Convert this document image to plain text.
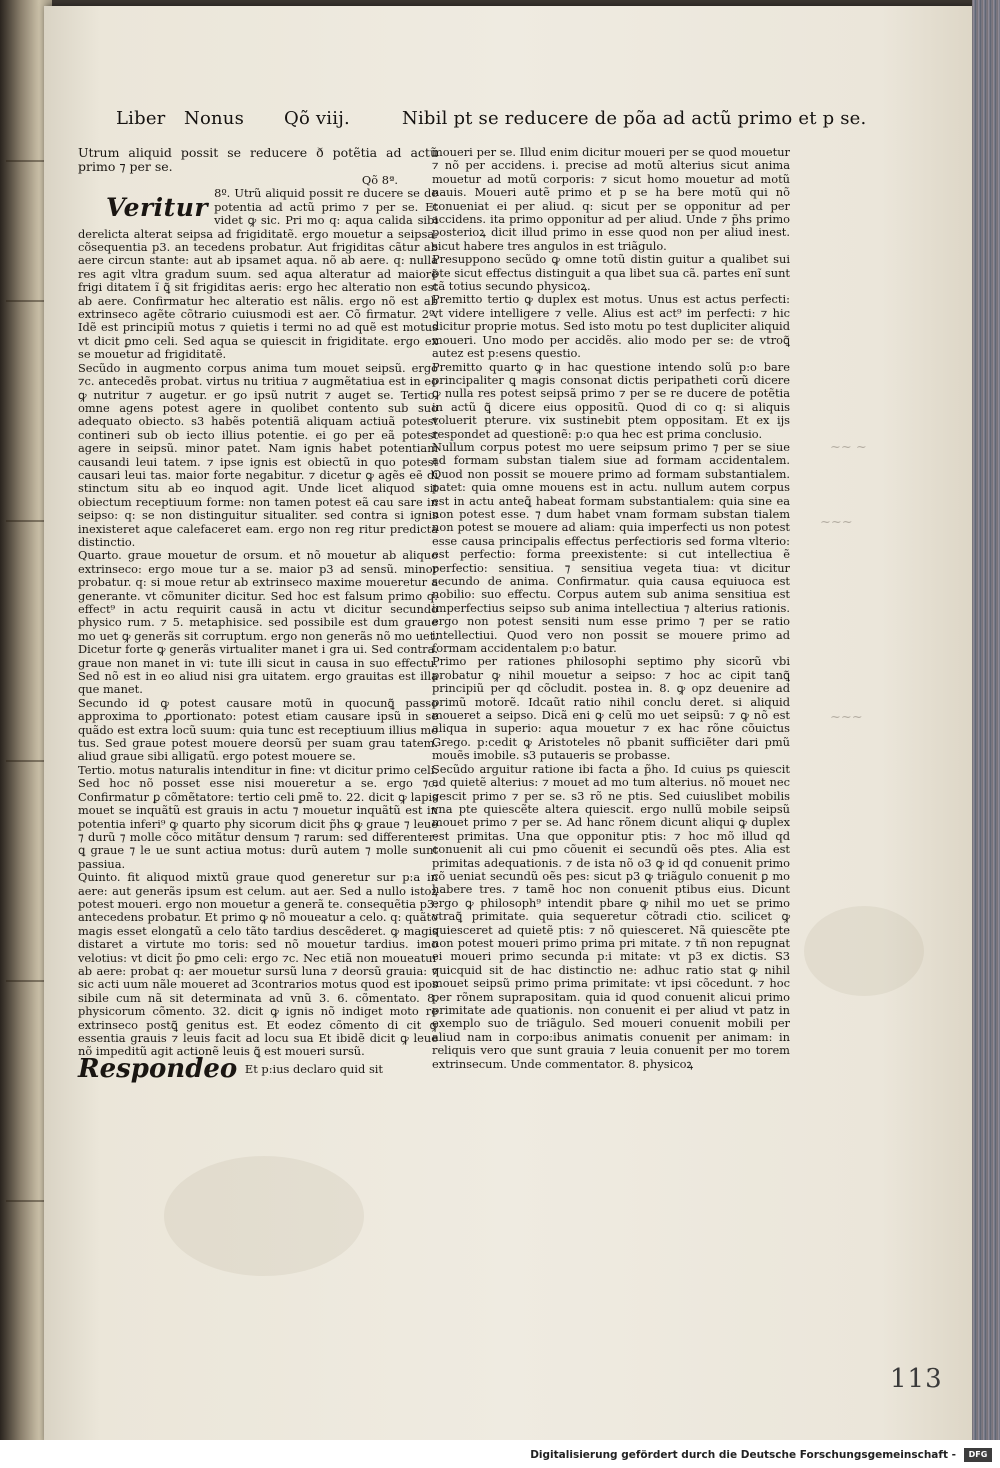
Liber Nonus Qõ viij.	Nibil pt se reducere de põa ad actũ primo et p se.

Utrum aliquid possit se reducere ð potẽtia ad actũ primo ⁊ per se.

Qõ 8ª.

Veritur 8º. Utrũ aliquid possit re ducere se de potentia ad actũ primo ⁊ per se. Et videt ꝙ sic. Pri mo q: aqua calida sibi derelicta alterat seipsa ad frigiditatẽ. ergo mouetur a seipsa: cõsequentia p3. an tecedens probatur. Aut frigiditas cãtur ab aere circun stante: aut ab ipsamet aqua. nõ ab aere. q: nulla res agit vltra gradum suum. sed aqua alteratur ad maiorẽ frigi ditatem ĩ ꝗ̃ sit frigiditas aeris: ergo hec alteratio non est ab aere. Confirmatur hec alteratio est nãlis. ergo nõ est ab extrinseco agẽte cõtrario cuiusmodi est aer. Cõ firmatur. 2º. Idẽ est principiũ motus ⁊ quietis i termi no ad quẽ est motus vt dicit ꝑmo celi. Sed aqua se quiescit in frigiditate. ergo ex se mouetur ad frigiditatẽ.

Secũdo in augmento corpus anima tum mouet seipsũ. ergo ⁊c. antecedẽs probat. virtus nu tritiua ⁊ augmẽtatiua est in eo ꝙ nutritur ⁊ augetur. er go ipsũ nutrit ⁊ auget se. Tertio. omne agens potest agere in quolibet contento sub suo adequato obiecto. s3 habẽs potentiã aliquam actiuã potest contineri sub ob iecto illius potentie. ei go per eã potest agere in seipsũ. minor patet. Nam ignis habet potentiam causandi leui tatem. ⁊ ipse ignis est obiectũ in quo potest causari leui tas. maior forte negabitur. ⁊ dicetur ꝙ agẽs eẽ di stinctum situ ab eo inquod agit. Unde licet aliquod sit obiectum receptiuum forme: non tamen potest eã cau sare in seipso: q: se non distinguitur situaliter. sed contra si ignis inexisteret aque calefaceret eam. ergo non reg ritur predicta distinctio.

Quarto. graue mouetur de orsum. et nõ mouetur ab aliquo extrinseco: ergo moue tur a se. maior p3 ad sensũ. minor probatur. q: si moue retur ab extrinseco maxime moueretur a generante. vt cõmuniter dicitur. Sed hoc est falsum primo q: effect⁹ in actu requirit causã in actu vt dicitur secundo physico rum. ⁊ 5. metaphisice. sed possibile est dum graue mo uet ꝙ generãs sit corruptum. ergo non generãs nõ mo uet. Dicetur forte ꝙ generãs virtualiter manet i gra ui. Sed contra. graue non manet in vi: tute illi sicut in causa in suo effectu. Sed nõ est in eo aliud nisi gra uitatem. ergo grauitas est illa que manet.

Secundo id ꝙ potest causare motũ in quocunꝗ̃ passo approxima to ꝓportionato: potest etiam causare ipsũ in se quãdo est extra locũ suum: quia tunc est receptiuum illius mo tus. Sed graue potest mouere deorsũ per suam grau tatem. aliud graue sibi alligatũ. ergo potest mouere se.

Tertio. motus naturalis intenditur in fine: vt dicitur primo celi. Sed hoc nõ posset esse nisi moueretur a se. ergo ⁊c. Confirmatur ꝑ cõmẽtatore: tertio celi ꝑmẽ to. 22. dicit ꝙ lapis mouet se inquãtũ est grauis in actu ⁊ mouetur inquãtũ est in potentia inferi⁹ ꝙ quarto phy sicorum dicit p̃hs ꝙ graue ⁊ leue ⁊ durũ ⁊ molle cõco mitãtur densum ⁊ rarum: sed differenter: ꝗ graue ⁊ le ue sunt actiua motus: durũ autem ⁊ molle sunt passiua.

Quinto. fit aliquod mixtũ graue quod generetur sur p:a in aere: aut generãs ipsum est celum. aut aer. Sed a nullo istoꝝ potest moueri. ergo non mouetur a generã te. consequẽtia p3: antecedens probatur. Et primo ꝙ nõ moueatur a celo. q: quãto magis esset elongatũ a celo tãto tardius descẽderet. ꝙ magis distaret a virtute mo toris: sed nõ mouetur tardius. imo velotius: vt dicit p̃o ꝑmo celi: ergo ⁊c. Nec etiã non moueatur ab aere: probat q: aer mouetur sursũ luna ⁊ deorsũ grauia: ⁊ sic acti uum nãle moueret ad 3contrarios motus quod est ipos sibile cum nã sit determinata ad vnũ 3. 6. cõmentato. 8. physicorum cõmento. 32. dicit ꝙ ignis nõ indiget moto re extrinseco postꝗ̃ genitus est. Et eodez cõmento di cit ꝙ essentia grauis ⁊ leuis facit ad locu sua Et ibidẽ dicit ꝙ leue nõ impeditũ agit actionẽ leuis ꝗ̃ est moueri sursũ.

Respondeo Et p:ius declaro quid sit

moueri per se. Illud enim dicitur moueri per se quod mouetur ⁊ nõ per accidens. i. precise ad motũ alterius sicut anima mouetur ad motũ corporis: ⁊ sicut homo mouetur ad motũ nauis. Moueri autẽ primo et p se ha bere motũ qui nõ conueniat ei per aliud. q: sicut per se opponitur ad per accidens. ita primo opponitur ad per aliud. Unde ⁊ p̃hs primo posterioꝝ dicit illud primo in esse quod non per aliud inest. sicut habere tres angulos in est triãgulo.

Presuppono secũdo ꝙ omne totũ distin guitur a qualibet sui pte sicut effectus distinguit a qua libet sua cã. partes enĩ sunt cã totius secundo physicoꝝ.

Premitto tertio ꝙ duplex est motus. Unus est actus perfecti: vt videre intelligere ⁊ velle. Alius est act⁹ im perfecti: ⁊ hic dicitur proprie motus. Sed isto motu po test dupliciter aliquid moueri. Uno modo per accidẽs. alio modo per se: de vtroꝗ̃ autez est p:esens questio.

Premitto quarto ꝙ in hac questione intendo solũ p:o bare principaliter ꝗ magis consonat dictis peripatheti corũ dicere ꝙ nulla res potest seipsã primo ⁊ per se re ducere de potẽtia in actũ ꝗ̃ dicere eius oppositũ. Quod di co q: si aliquis voluerit pterure. vix sustinebit ptem oppositam. Et ex ijs respondet ad questionẽ: p:o qua hec est prima conclusio.

Nullum corpus potest mo uere seipsum primo ⁊ per se siue ad formam substan tialem siue ad formam accidentalem. Quod non possit se mouere primo ad formam substantialem. patet: quia omne mouens est in actu. nullum autem corpus est in actu anteꝗ̃ habeat formam substantialem: quia sine ea non potest esse. ⁊ dum habet vnam formam substan tialem non potest se mouere ad aliam: quia imperfecti us non potest esse causa principalis effectus perfectioris sed forma vlterio: est perfectio: forma preexistente: si cut intellectiua ẽ perfectio: sensitiua. ⁊ sensitiua vegeta tiua: vt dicitur secundo de anima. Confirmatur. quia causa equiuoca est nobilio: suo effectu. Corpus autem sub anima sensitiua est imperfectius seipso sub anima intellectiua ⁊ alterius rationis. ergo non potest sensiti num esse primo ⁊ per se ratio intellectiui. Quod vero non possit se mouere primo ad formam accidentalem p:o batur.

Primo per rationes philosophi septimo phy sicorũ vbi probatur ꝙ nihil mouetur a seipso: ⁊ hoc ac cipit tanꝗ̃ principiũ per qd cõcludit. postea in. 8. ꝙ opz deuenire ad primũ motorẽ. Idcaũt ratio nihil conclu deret. si aliquid moueret a seipso. Dicã eni ꝙ celũ mo uet seipsũ: ⁊ ꝙ nõ est aliqua in superio: aqua mouetur ⁊ ex hac rõne cõuictus Grego. p:cedit ꝙ Aristoteles nõ pbanit sufficiẽter dari pmũ mouẽs imobile. s3 putaueris se probasse.

Secũdo arguitur ratione ibi facta a p̃ho. Id cuius ps quiescit ad quietẽ alterius: ⁊ mouet ad mo tum alterius. nõ mouet nec gescit primo ⁊ per se. s3 rõ ne ptis. Sed cuiuslibet mobilis vna pte quiescẽte altera quiescit. ergo nullũ mobile seipsũ mouet primo ⁊ per se. Ad hanc rõnem dicunt aliqui ꝙ duplex est primitas. Una que opponitur ptis: ⁊ hoc mõ illud qd conuenit ali cui pmo cõuenit ei secundũ oẽs ptes. Alia est primitas adequationis. ⁊ de ista nõ o3 ꝙ id qd conuenit primo cõ ueniat secundũ oẽs pes: sicut p3 ꝙ triãgulo conuenit ꝑ mo habere tres. ⁊ tamẽ hoc non conuenit ptibus eius. Dicunt ergo ꝙ philosoph⁹ intendit pbare ꝙ nihil mo uet se primo vtraꝗ̃ primitate. quia sequeretur cõtradi ctio. scilicet ꝙ quiesceret ad quietẽ ptis: ⁊ nõ quiesceret. Nã quiescẽte pte non potest moueri primo prima pri mitate. ⁊ tñ non repugnat ei moueri primo secunda p:i mitate: vt p3 ex dictis. S3 quicquid sit de hac distinctio ne: adhuc ratio stat ꝙ nihil mouet seipsũ primo prima primitate: vt ipsi cõcedunt. ⁊ hoc per rõnem suprapositam. quia id quod conuenit alicui primo primitate ade quationis. non conuenit ei per aliud vt patz in exemplo suo de triãgulo. Sed moueri conuenit mobili per aliud nam in corpo:ibus animatis conuenit per animam: in reliquis vero que sunt grauia ⁊ leuia conuenit per mo torem extrinsecum. Unde commentator. 8. physicoꝝ

~~ ~
~~~
~~~
113
Digitalisierung gefördert durch die Deutsche Forschungsgemeinschaft -	DFG
